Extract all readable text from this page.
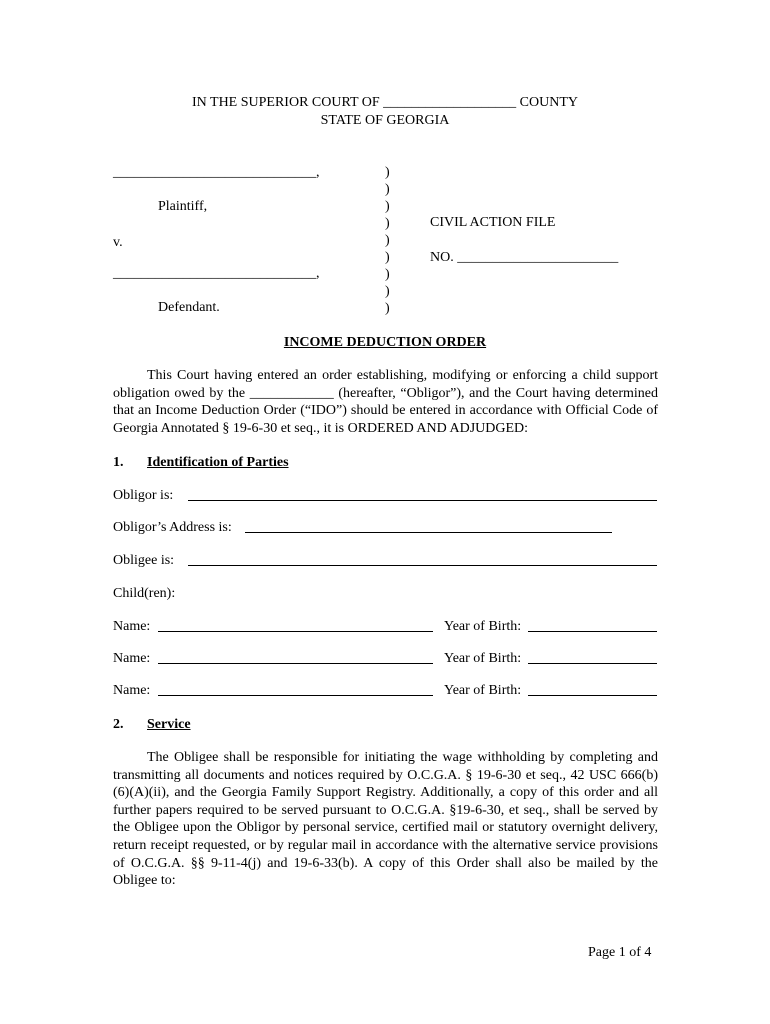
IN THE SUPERIOR COURT OF ___________________ COUNTY
STATE OF GEORGIA
_____________________________,
Plaintiff,
v.
_____________________________,
Defendant.
)
)
)
)
)
)
)
)
)
CIVIL ACTION FILE
NO. _______________________
INCOME DEDUCTION ORDER
This Court having entered an order establishing, modifying or enforcing a child support obligation owed by the ____________ (hereafter, “Obligor”), and the Court having determined that an Income Deduction Order (“IDO”) should be entered in accordance with Official Code of Georgia Annotated § 19-6-30 et seq., it is ORDERED AND ADJUDGED:
1. Identification of Parties
Obligor is:
Obligor’s Address is:
Obligee is:
Child(ren):
Name:	Year of Birth:
Name:	Year of Birth:
Name:	Year of Birth:
2. Service
The Obligee shall be responsible for initiating the wage withholding by completing and transmitting all documents and notices required by O.C.G.A. § 19-6-30 et seq., 42 USC 666(b)(6)(A)(ii), and the Georgia Family Support Registry. Additionally, a copy of this order and all further papers required to be served pursuant to O.C.G.A. §19-6-30, et seq., shall be served by the Obligee upon the Obligor by personal service, certified mail or statutory overnight delivery, return receipt requested, or by regular mail in accordance with the alternative service provisions of O.C.G.A. §§ 9-11-4(j) and 19-6-33(b). A copy of this Order shall also be mailed by the Obligee to:
Page 1 of 4
